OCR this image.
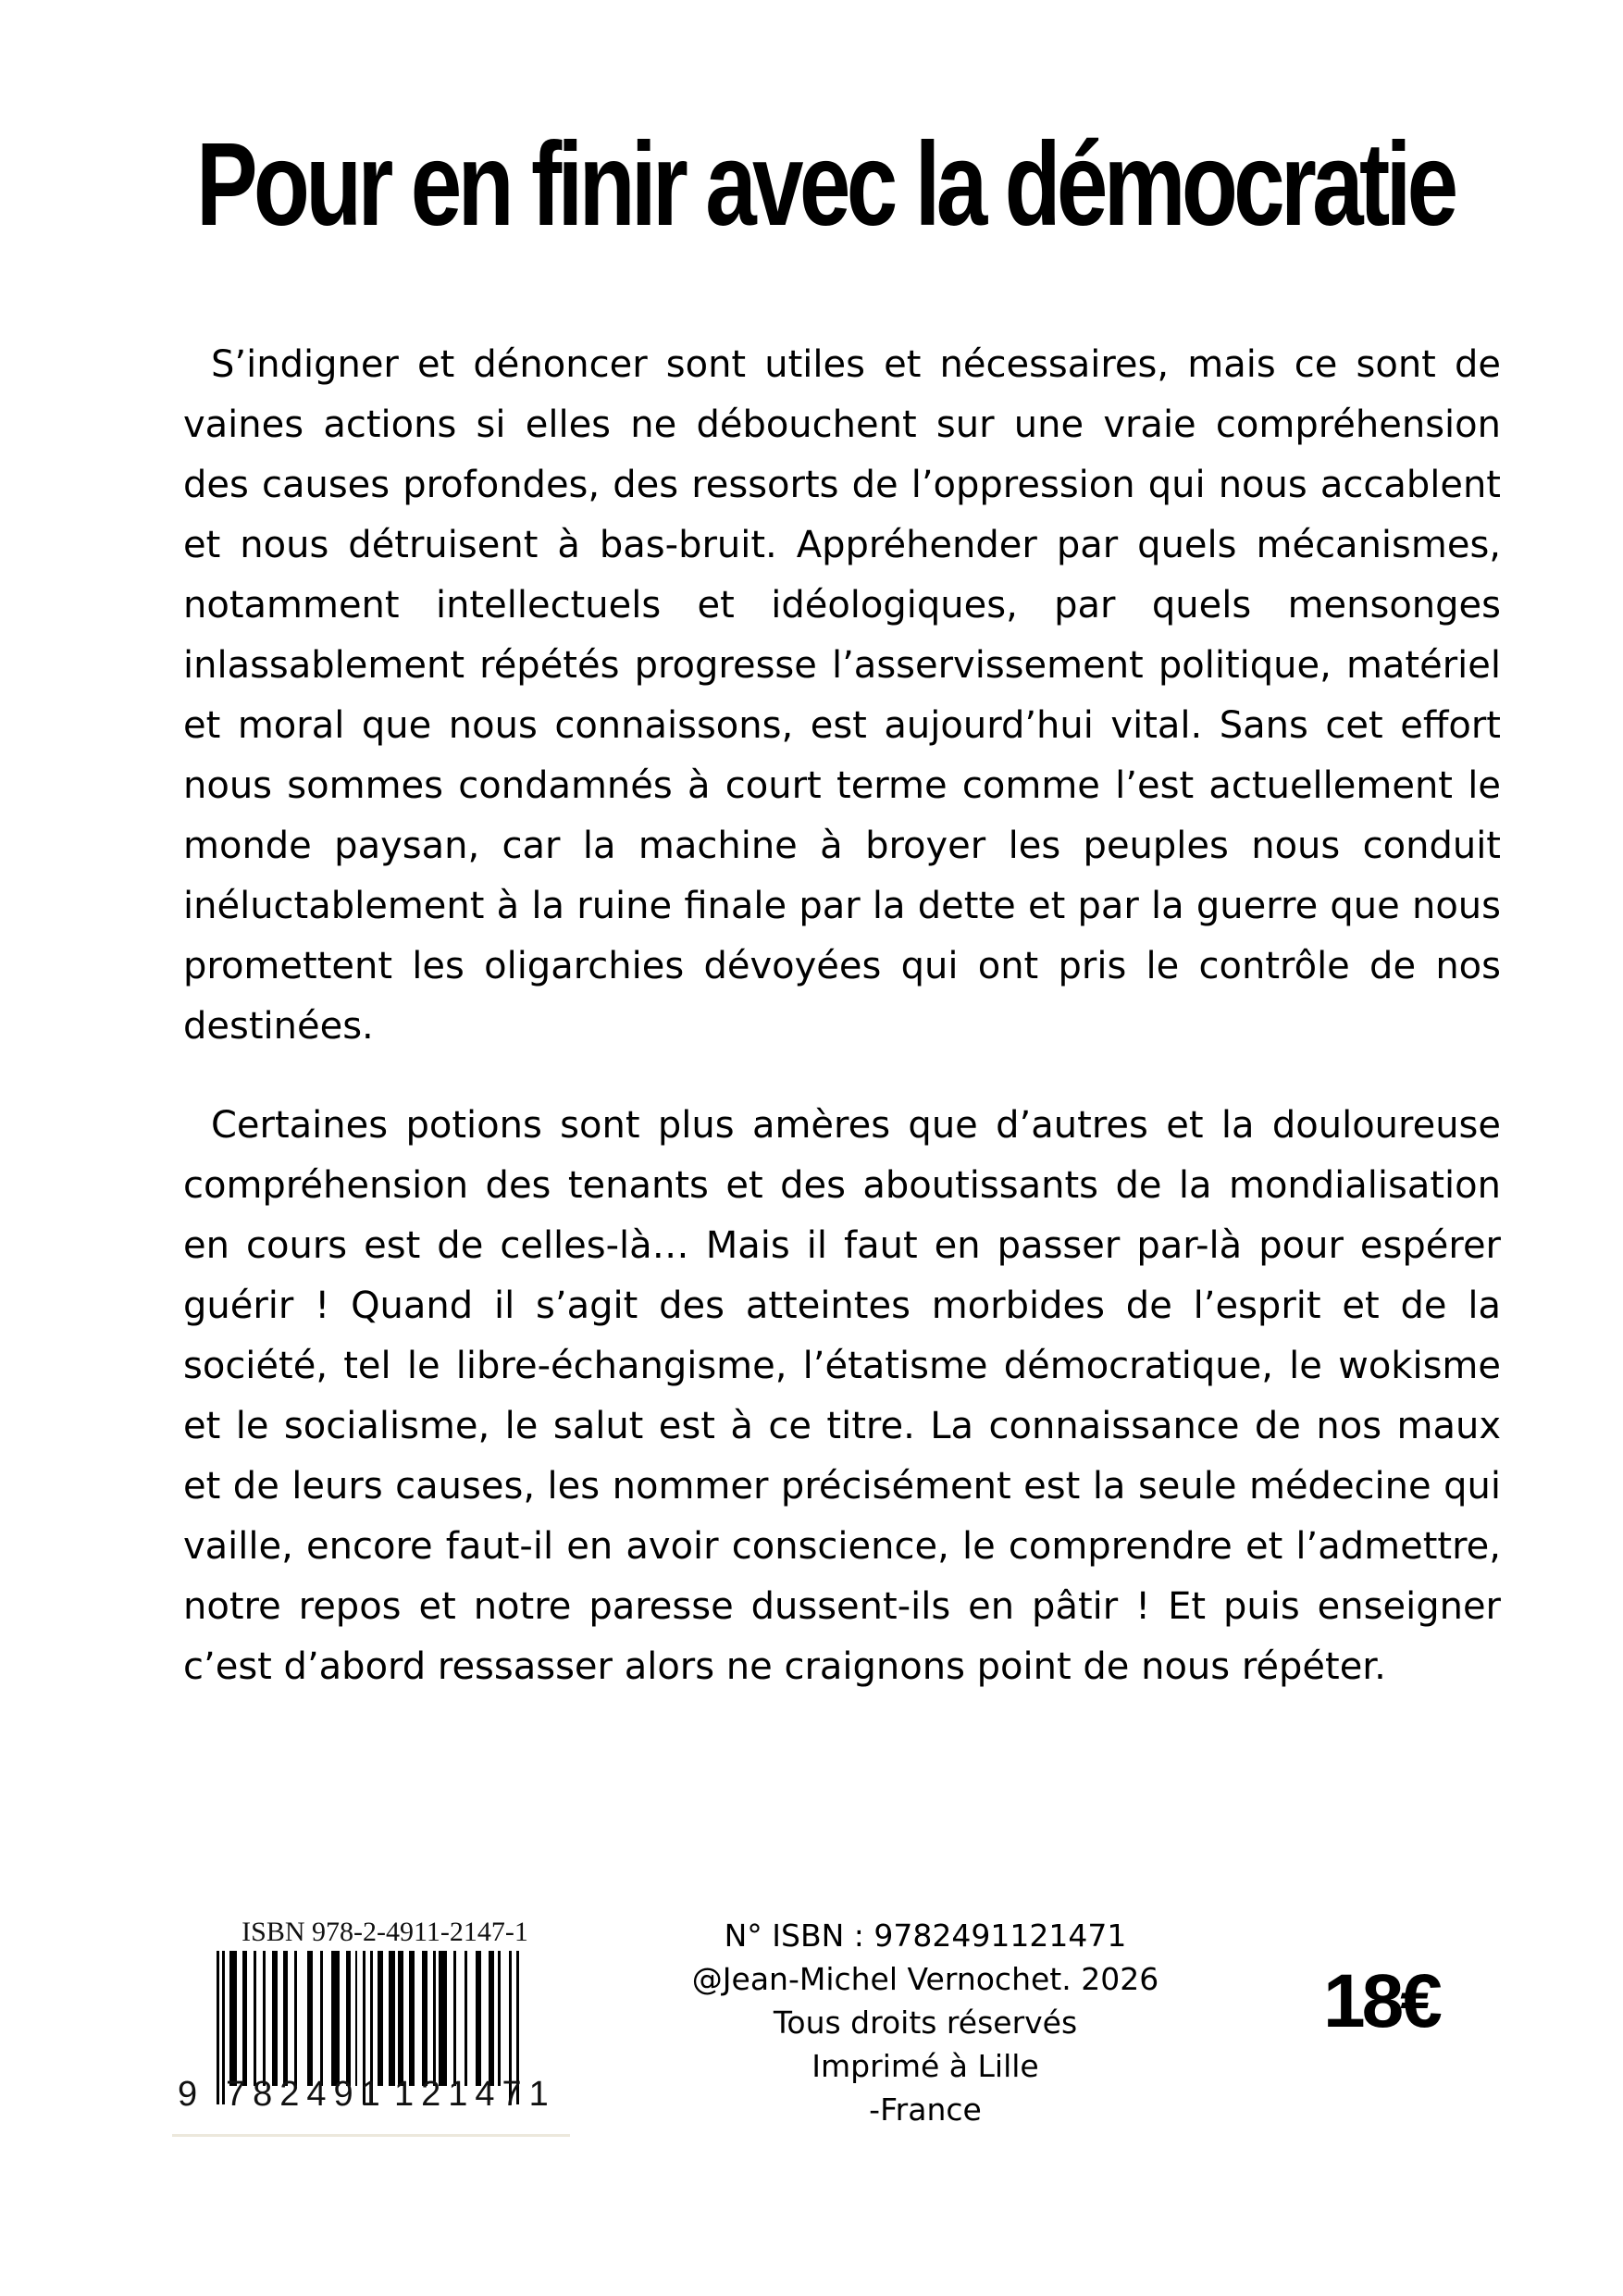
Pour en finir avec la démocratie

S’indigner et dénoncer sont utiles et nécessaires, mais ce sont de vaines actions si elles ne débouchent sur une vraie compréhension des causes profondes, des ressorts de l’oppression qui nous accablent et nous détruisent à bas-bruit. Appréhender par quels mécanismes, notamment intellectuels et idéologiques, par quels mensonges inlassablement répétés progresse l’asservissement politique, matériel et moral que nous connaissons, est aujourd’hui vital. Sans cet effort nous sommes condamnés à court terme comme l’est actuellement le monde paysan, car la machine à broyer les peuples nous conduit inéluctablement à la ruine finale par la dette et par la guerre que nous promettent les oligarchies dévoyées qui ont pris le contrôle de nos destinées.

Certaines potions sont plus amères que d’autres et la douloureuse compréhension des tenants et des aboutissants de la mondialisation en cours est de celles-là… Mais il faut en passer par-là pour espérer guérir ! Quand il s’agit des atteintes morbides de l’esprit et de la société, tel le libre-échangisme, l’étatisme démocratique, le wokisme et le socialisme, le salut est à ce titre. La connaissance de nos maux et de leurs causes, les nommer précisément est la seule médecine qui vaille, encore faut-il en avoir conscience, le comprendre et l’admettre, notre repos et notre paresse dussent-ils en pâtir ! Et puis enseigner c’est d’abord ressasser alors ne craignons point de nous répéter.

ISBN 978-2-4911-2147-1
9 782491 121471
N° ISBN : 9782491121471
@Jean-Michel Vernochet. 2026
Tous droits réservés
Imprimé à Lille
-France
18€
